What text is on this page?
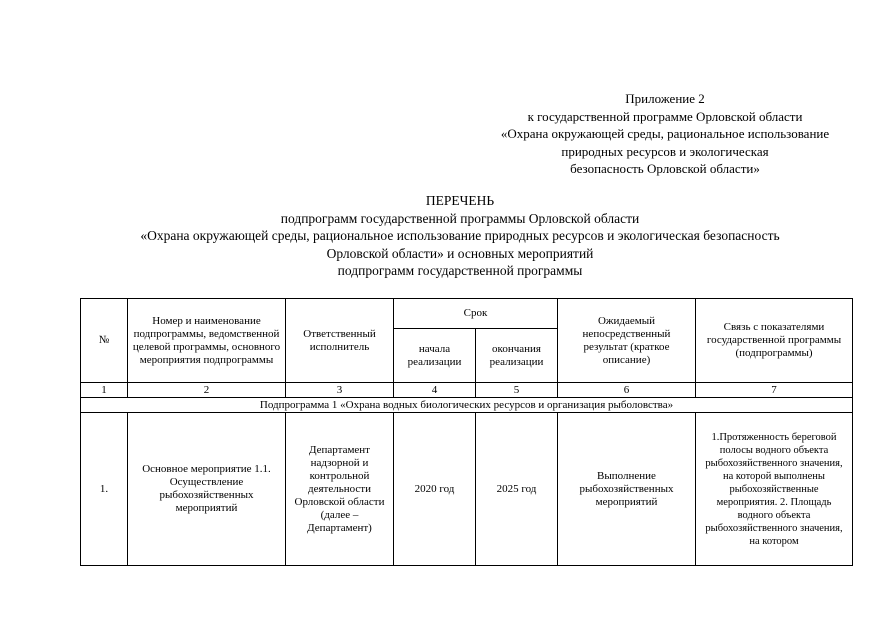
Приложение 2
к государственной программе Орловской области
«Охрана окружающей среды, рациональное использование
природных ресурсов и экологическая
безопасность Орловской области»
ПЕРЕЧЕНЬ
подпрограмм государственной программы Орловской области
«Охрана окружающей среды, рациональное использование природных ресурсов и экологическая безопасность
Орловской области» и основных мероприятий
подпрограмм государственной программы
№	Номер и наименование подпрограммы, ведомственной целевой программы, основного мероприятия подпрограммы	Ответственный исполнитель	Срок		Ожидаемый непосредственный результат (краткое описание)	Связь с показателями государственной программы (подпрограммы)
			начала реализации	окончания реализации		
1	2	3	4	5	6	7
Подпрограмма 1 «Охрана водных биологических ресурсов и организация рыболовства»						
1.	Основное мероприятие 1.1. Осуществление рыбохозяйственных мероприятий	Департамент надзорной и контрольной деятельности Орловской области (далее – Департамент)	2020 год	2025 год	Выполнение рыбохозяйственных мероприятий	1.Протяженность береговой полосы водного объекта рыбохозяйственного значения, на которой выполнены рыбохозяйственные мероприятия. 2. Площадь водного объекта рыбохозяйственного значения, на котором
